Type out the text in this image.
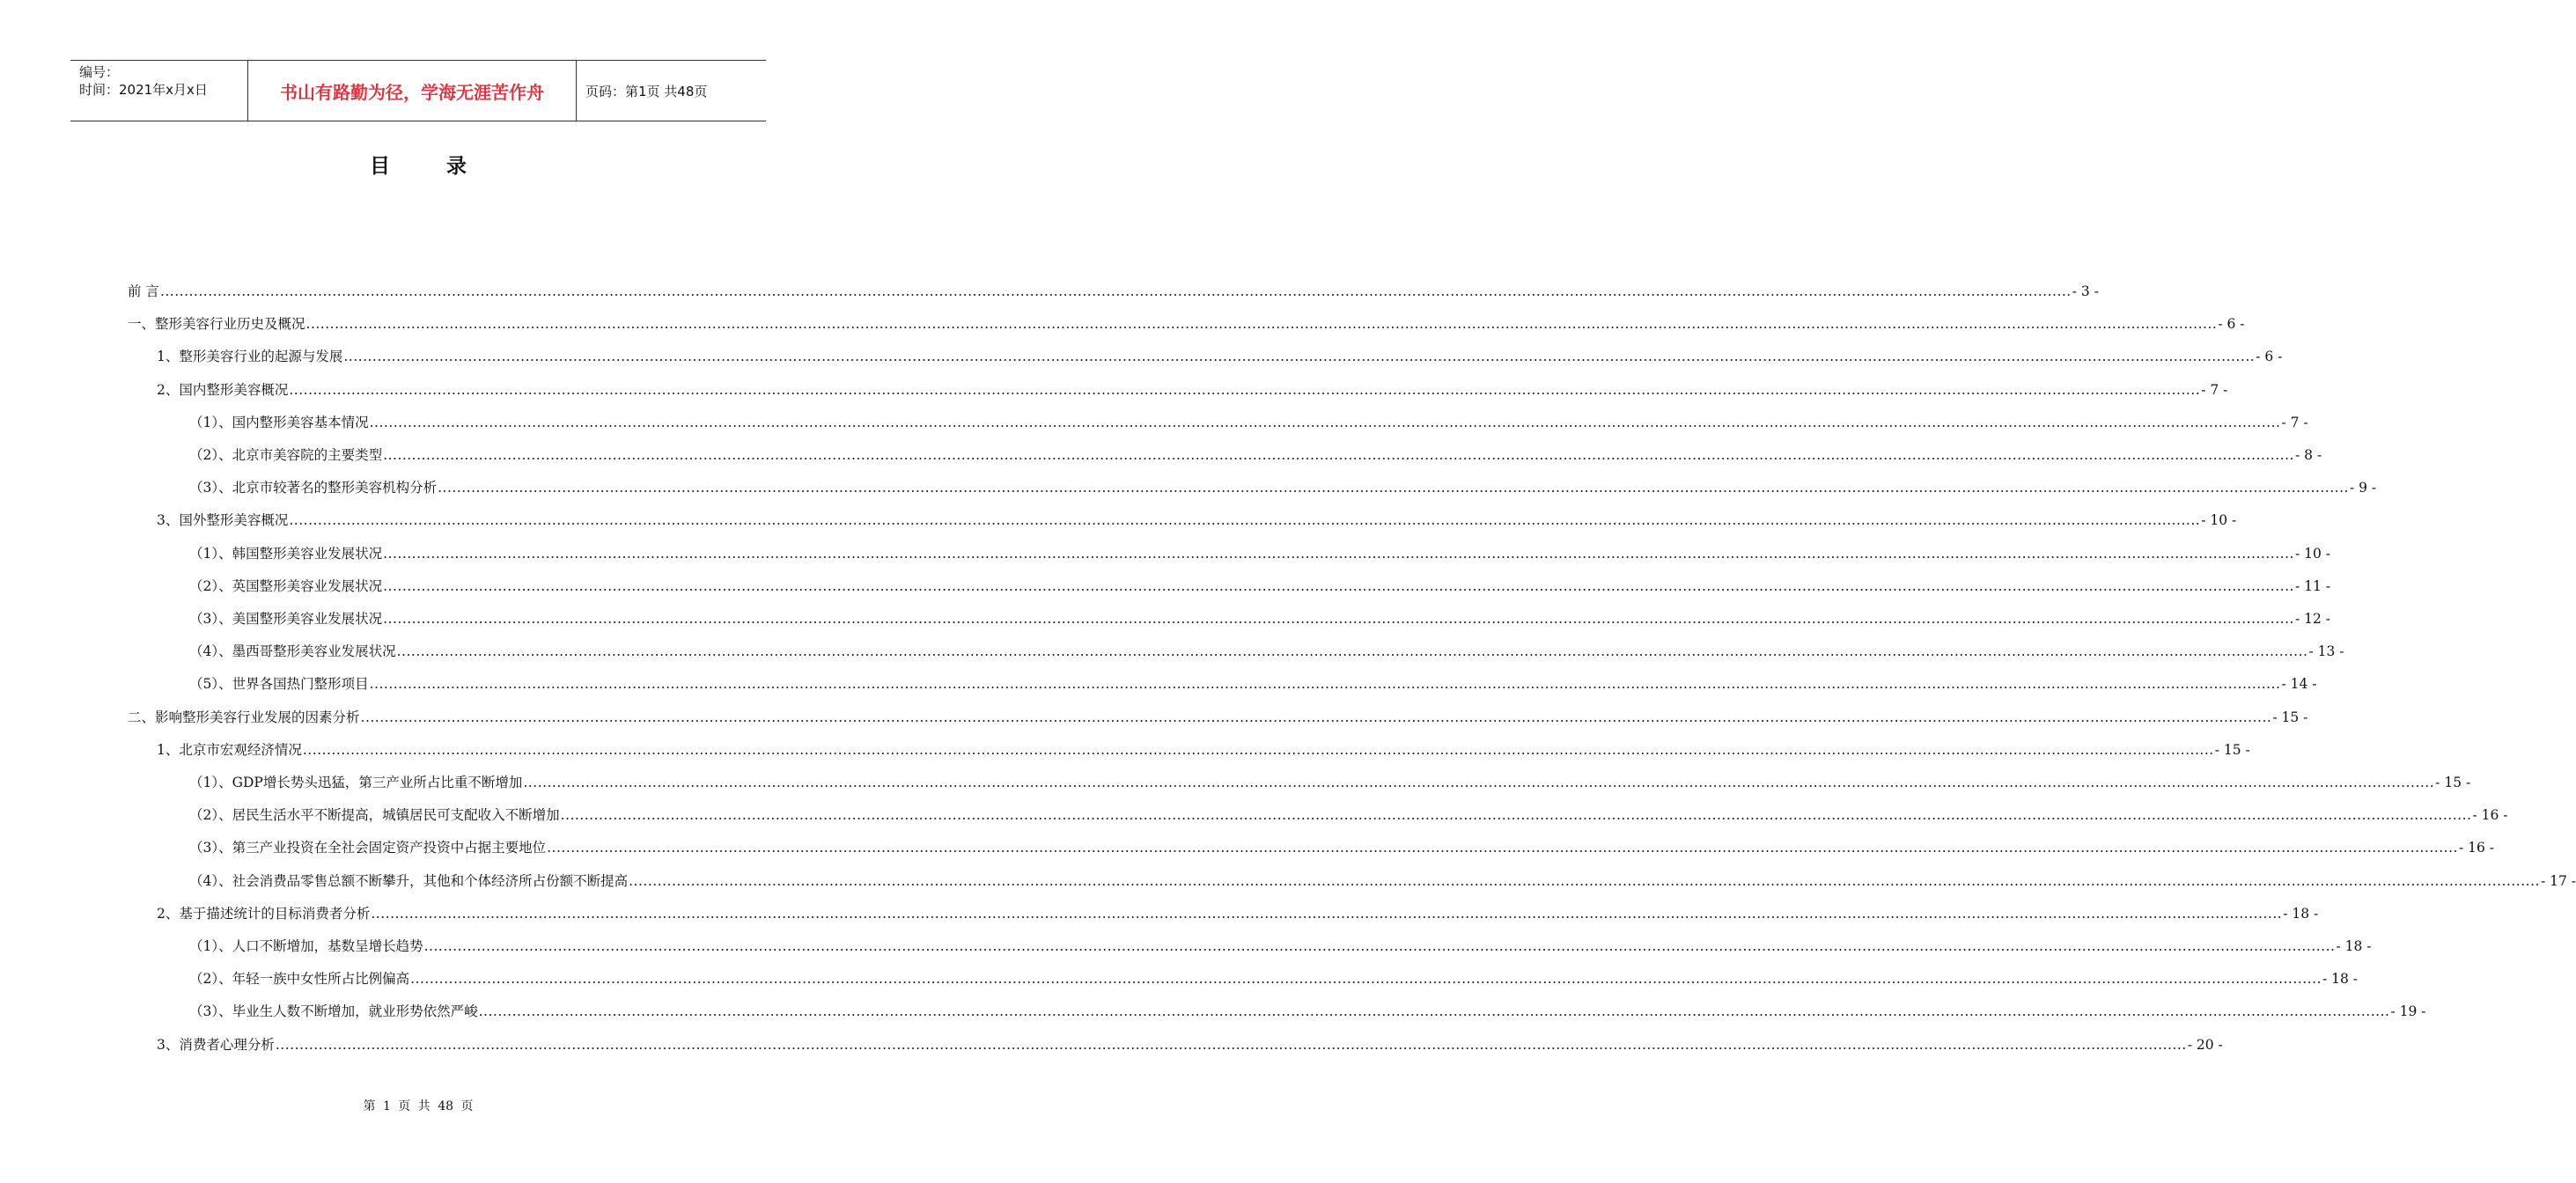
编号：
时间：2021年x月x日	书山有路勤为径，学海无涯苦作舟	页码：第1页 共48页
目 录
前 言 ................................................................................................................................................................................................................................................................................................................................................................................................................ - 3 -
一、整形美容行业历史及概况 ................................................................................................................................................................................................................................................................................................................................................................................................................ - 6 -
1、整形美容行业的起源与发展 ................................................................................................................................................................................................................................................................................................................................................................................................................ - 6 -
2、国内整形美容概况 ................................................................................................................................................................................................................................................................................................................................................................................................................ - 7 -
（1）、国内整形美容基本情况 ................................................................................................................................................................................................................................................................................................................................................................................................................ - 7 -
（2）、北京市美容院的主要类型 ................................................................................................................................................................................................................................................................................................................................................................................................................ - 8 -
（3）、北京市较著名的整形美容机构分析 ................................................................................................................................................................................................................................................................................................................................................................................................................ - 9 -
3、国外整形美容概况 ................................................................................................................................................................................................................................................................................................................................................................................................................ - 10 -
（1）、韩国整形美容业发展状况 ................................................................................................................................................................................................................................................................................................................................................................................................................ - 10 -
（2）、英国整形美容业发展状况 ................................................................................................................................................................................................................................................................................................................................................................................................................ - 11 -
（3）、美国整形美容业发展状况 ................................................................................................................................................................................................................................................................................................................................................................................................................ - 12 -
（4）、墨西哥整形美容业发展状况 ................................................................................................................................................................................................................................................................................................................................................................................................................ - 13 -
（5）、世界各国热门整形项目 ................................................................................................................................................................................................................................................................................................................................................................................................................ - 14 -
二、影响整形美容行业发展的因素分析 ................................................................................................................................................................................................................................................................................................................................................................................................................ - 15 -
1、北京市宏观经济情况 ................................................................................................................................................................................................................................................................................................................................................................................................................ - 15 -
（1）、GDP增长势头迅猛，第三产业所占比重不断增加 ................................................................................................................................................................................................................................................................................................................................................................................................................ - 15 -
（2）、居民生活水平不断提高，城镇居民可支配收入不断增加 ................................................................................................................................................................................................................................................................................................................................................................................................................ - 16 -
（3）、第三产业投资在全社会固定资产投资中占据主要地位 ................................................................................................................................................................................................................................................................................................................................................................................................................ - 16 -
（4）、社会消费品零售总额不断攀升，其他和个体经济所占份额不断提高 ................................................................................................................................................................................................................................................................................................................................................................................................................ - 17 -
2、基于描述统计的目标消费者分析 ................................................................................................................................................................................................................................................................................................................................................................................................................ - 18 -
（1）、人口不断增加，基数呈增长趋势 ................................................................................................................................................................................................................................................................................................................................................................................................................ - 18 -
（2）、年轻一族中女性所占比例偏高 ................................................................................................................................................................................................................................................................................................................................................................................................................ - 18 -
（3）、毕业生人数不断增加，就业形势依然严峻 ................................................................................................................................................................................................................................................................................................................................................................................................................ - 19 -
3、消费者心理分析 ................................................................................................................................................................................................................................................................................................................................................................................................................ - 20 -
第 1 页 共 48 页
